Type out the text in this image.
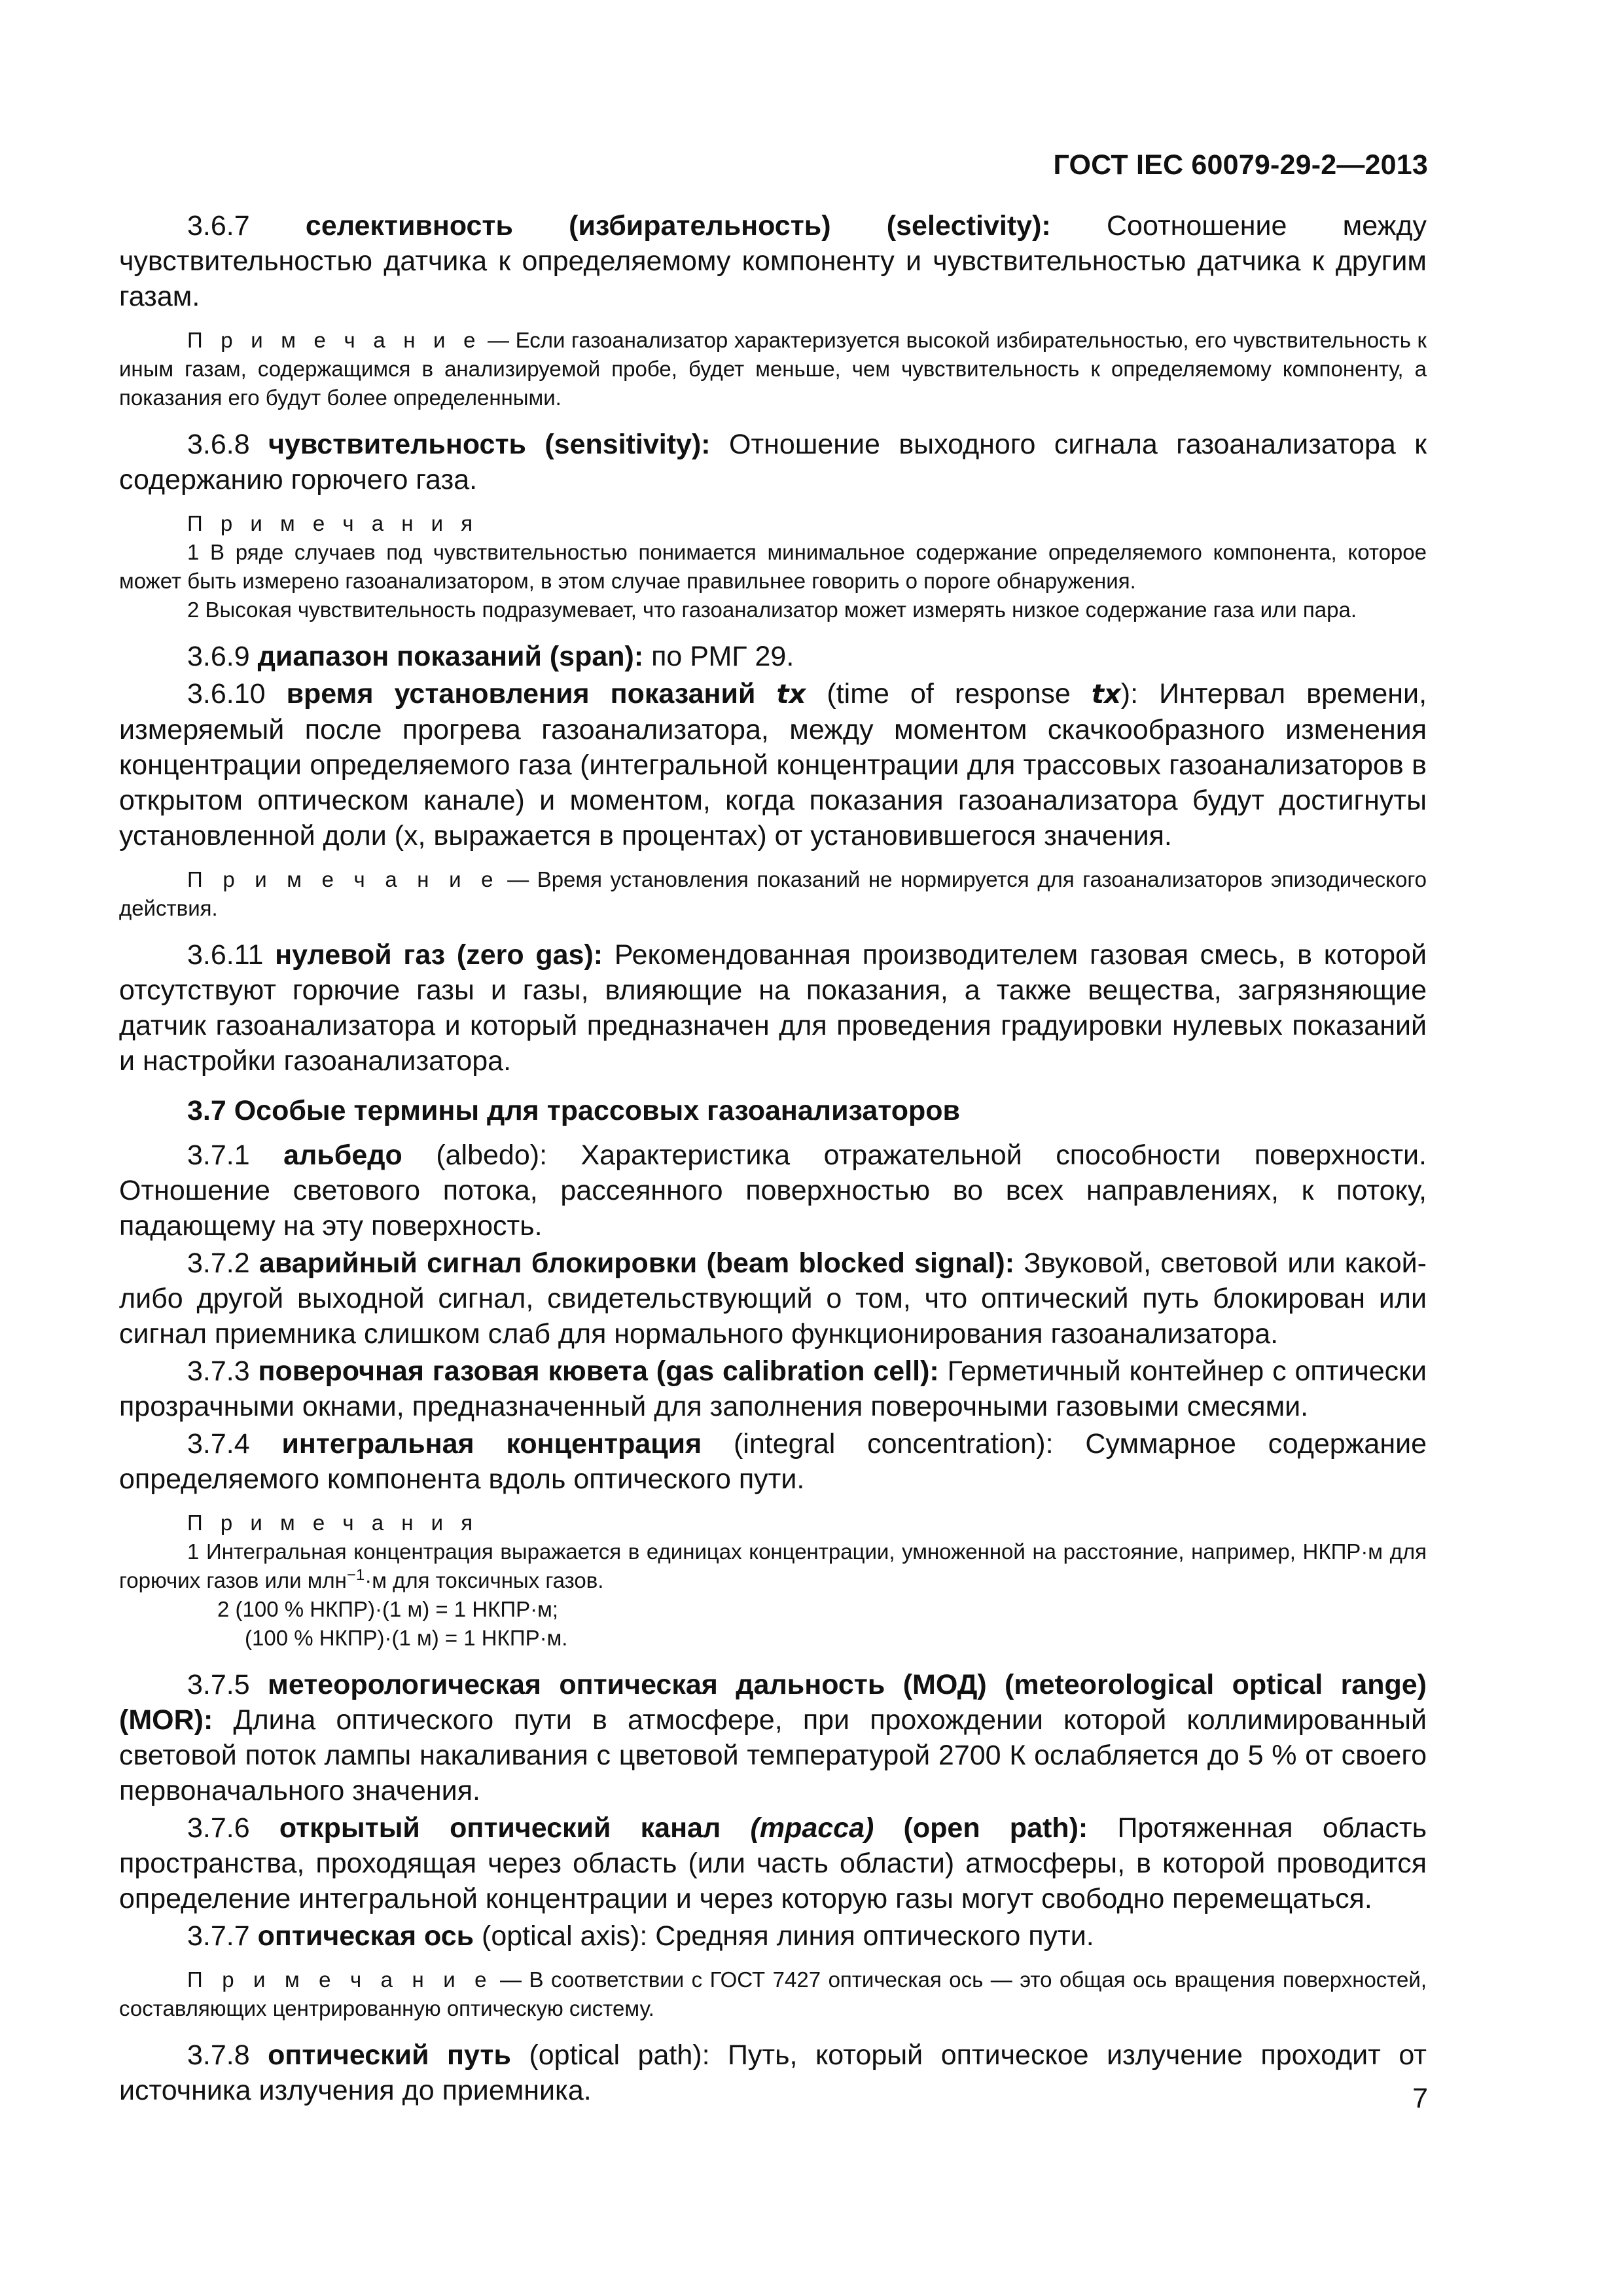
ГОСТ IEC 60079-29-2—2013

3.6.7 селективность (избирательность) (selectivity): Соотношение между чувствительностью датчика к определяемому компоненту и чувствительностью датчика к другим газам.

П р и м е ч а н и е — Если газоанализатор характеризуется высокой избирательностью, его чувствительность к иным газам, содержащимся в анализируемой пробе, будет меньше, чем чувствительность к определяемому компоненту, а показания его будут более определенными.

3.6.8 чувствительность (sensitivity): Отношение выходного сигнала газоанализатора к содержанию горючего газа.

П р и м е ч а н и я

1 В ряде случаев под чувствительностью понимается минимальное содержание определяемого компонента, которое может быть измерено газоанализатором, в этом случае правильнее говорить о пороге обнаружения.

2 Высокая чувствительность подразумевает, что газоанализатор может измерять низкое содержание газа или пара.

3.6.9 диапазон показаний (span): по РМГ 29.

3.6.10 время установления показаний tx (time of response tx): Интервал времени, измеряемый после прогрева газоанализатора, между моментом скачкообразного изменения концентрации определяемого газа (интегральной концентрации для трассовых газоанализаторов в открытом оптическом канале) и моментом, когда показания газоанализатора будут достигнуты установленной доли (х, выражается в процентах) от установившегося значения.

П р и м е ч а н и е — Время установления показаний не нормируется для газоанализаторов эпизодического действия.

3.6.11 нулевой газ (zero gas): Рекомендованная производителем газовая смесь, в которой отсутствуют горючие газы и газы, влияющие на показания, а также вещества, загрязняющие датчик газоанализатора и который предназначен для проведения градуировки нулевых показаний и настройки газоанализатора.

3.7 Особые термины для трассовых газоанализаторов

3.7.1 альбедо (albedo): Характеристика отражательной способности поверхности. Отношение светового потока, рассеянного поверхностью во всех направлениях, к потоку, падающему на эту поверхность.

3.7.2 аварийный сигнал блокировки (beam blocked signal): Звуковой, световой или какой-либо другой выходной сигнал, свидетельствующий о том, что оптический путь блокирован или сигнал приемника слишком слаб для нормального функционирования газоанализатора.

3.7.3 поверочная газовая кювета (gas calibration cell): Герметичный контейнер с оптически прозрачными окнами, предназначенный для заполнения поверочными газовыми смесями.

3.7.4 интегральная концентрация (integral concentration): Суммарное содержание определяемого компонента вдоль оптического пути.

П р и м е ч а н и я

1 Интегральная концентрация выражается в единицах концентрации, умноженной на расстояние, например, НКПР·м для горючих газов или млн$^{-1}$·м для токсичных газов.

2 (100 % НКПР)·(1 м) = 1 НКПР·м;

(100 % НКПР)·(1 м) = 1 НКПР·м.

3.7.5 метеорологическая оптическая дальность (МОД) (meteorological optical range) (MOR): Длина оптического пути в атмосфере, при прохождении которой коллимированный световой поток лампы накаливания с цветовой температурой 2700 К ослабляется до 5 % от своего первоначального значения.

3.7.6 открытый оптический канал (трасса) (open path): Протяженная область пространства, проходящая через область (или часть области) атмосферы, в которой проводится определение интегральной концентрации и через которую газы могут свободно перемещаться.

3.7.7 оптическая ось (optical axis): Средняя линия оптического пути.

П р и м е ч а н и е — В соответствии с ГОСТ 7427 оптическая ось — это общая ось вращения поверхностей, составляющих центрированную оптическую систему.

3.7.8 оптический путь (optical path): Путь, который оптическое излучение проходит от источника излучения до приемника.	7
